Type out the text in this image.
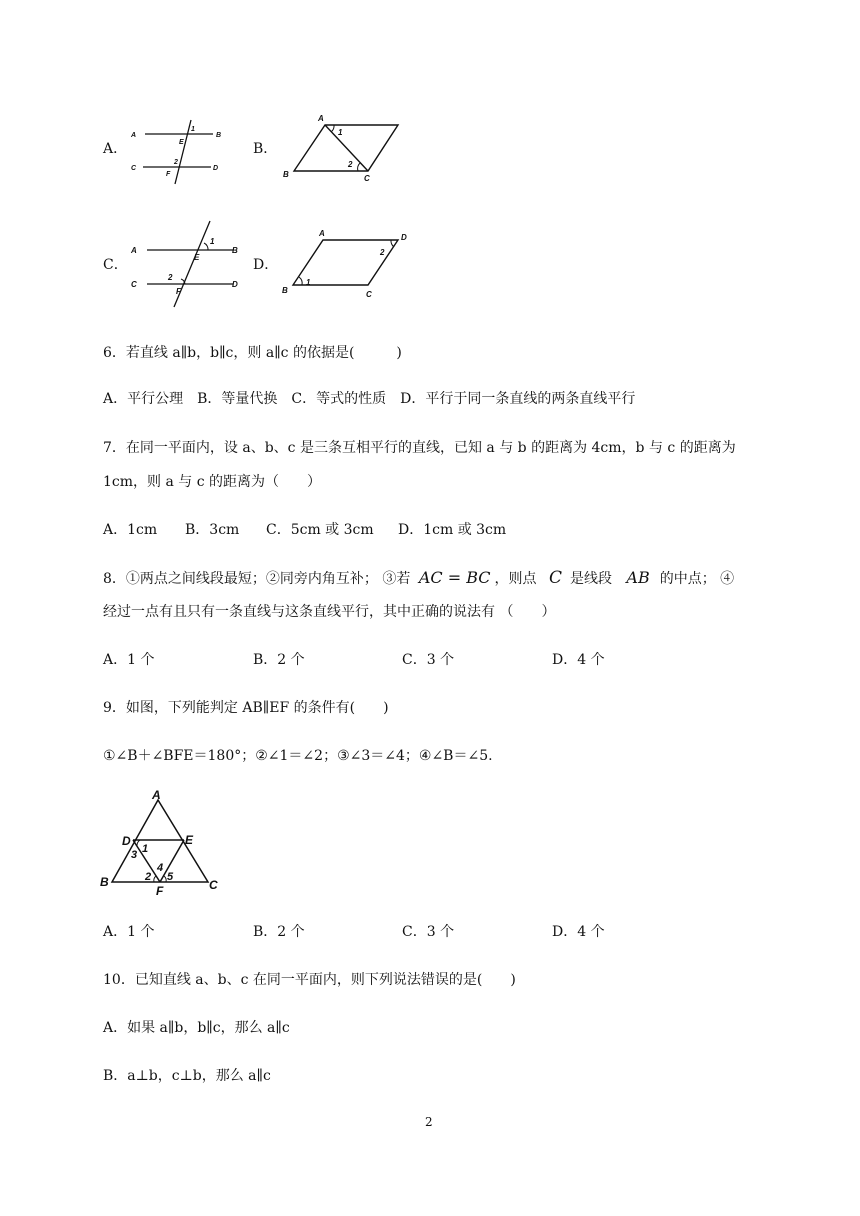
A．
A	B
C	D
E
F
1
2
B．
A
B	C
1
2
C．
A	B
C	D
E
F
1
2
D．
A
B	C
D
1
2
6．若直线 a∥b，b∥c，则 a∥c 的依据是(　　　)
A．平行公理　B．等量代换　C．等式的性质　D．平行于同一条直线的两条直线平行
7．在同一平面内，设 a、b、c 是三条互相平行的直线，已知 a 与 b 的距离为 4cm，b 与 c 的距离为
1cm，则 a 与 c 的距离为（　　）
A．1cm B．3cm C．5cm 或 3cm D．1cm 或 3cm
8．①两点之间线段最短；②同旁内角互补； ③若 AC = BC ，则点 C 是线段 AB 的中点； ④
经过一点有且只有一条直线与这条直线平行，其中正确的说法有 （　　）
A．1 个	B．2 个	C．3 个	D．4 个
9．如图，下列能判定 AB∥EF 的条件有(　　)
①∠B＋∠BFE＝180°；②∠1＝∠2；③∠3＝∠4；④∠B＝∠5.
A
B	C
D	E
F
1
2
3
4
5
A．1 个	B．2 个	C．3 个	D．4 个
10．已知直线 a、b、c 在同一平面内，则下列说法错误的是(　　)
A．如果 a∥b，b∥c，那么 a∥c
B．a⊥b，c⊥b，那么 a∥c
2
